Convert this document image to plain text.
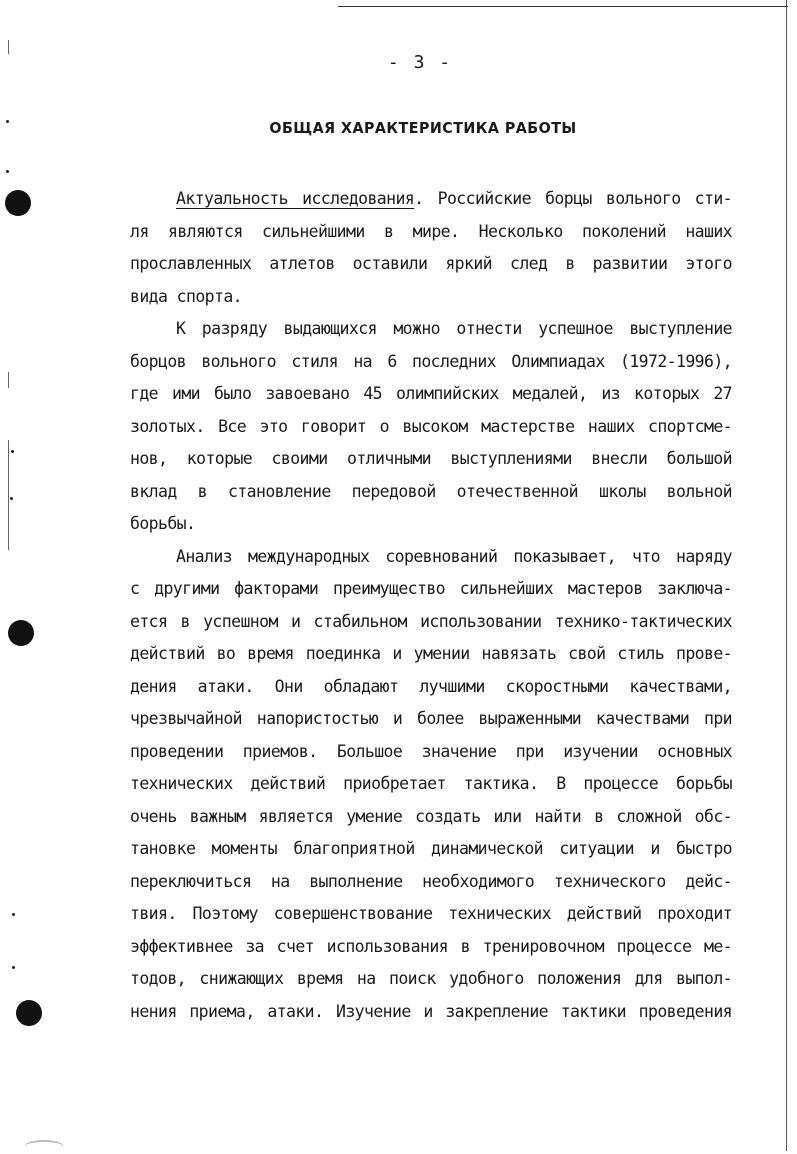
- 3 -
ОБЩАЯ ХАРАКТЕРИСТИКА РАБОТЫ
Актуальность исследования. Российские борцы вольного сти-
ля являются сильнейшими в мире. Несколько поколений наших
прославленных атлетов оставили яркий след в развитии этого
вида спорта.
К разряду выдающихся можно отнести успешное выступление
борцов вольного стиля на 6 последних Олимпиадах (1972-1996),
где ими было завоевано 45 олимпийских медалей, из которых 27
золотых. Все это говорит о высоком мастерстве наших спортсме-
нов, которые своими отличными выступлениями внесли большой
вклад в становление передовой отечественной школы вольной
борьбы.
Анализ международных соревнований показывает, что наряду
с другими факторами преимущество сильнейших мастеров заключа-
ется в успешном и стабильном использовании технико-тактических
действий во время поединка и умении навязать свой стиль прове-
дения атаки. Они обладают лучшими скоростными качествами,
чрезвычайной напористостью и более выраженными качествами при
проведении приемов. Большое значение при изучении основных
технических действий приобретает тактика. В процессе борьбы
очень важным является умение создать или найти в сложной обс-
тановке моменты благоприятной динамической ситуации и быстро
переключиться на выполнение необходимого технического дейс-
твия. Поэтому совершенствование технических действий проходит
эффективнее за счет использования в тренировочном процессе ме-
тодов, снижающих время на поиск удобного положения для выпол-
нения приема, атаки. Изучение и закрепление тактики проведения
